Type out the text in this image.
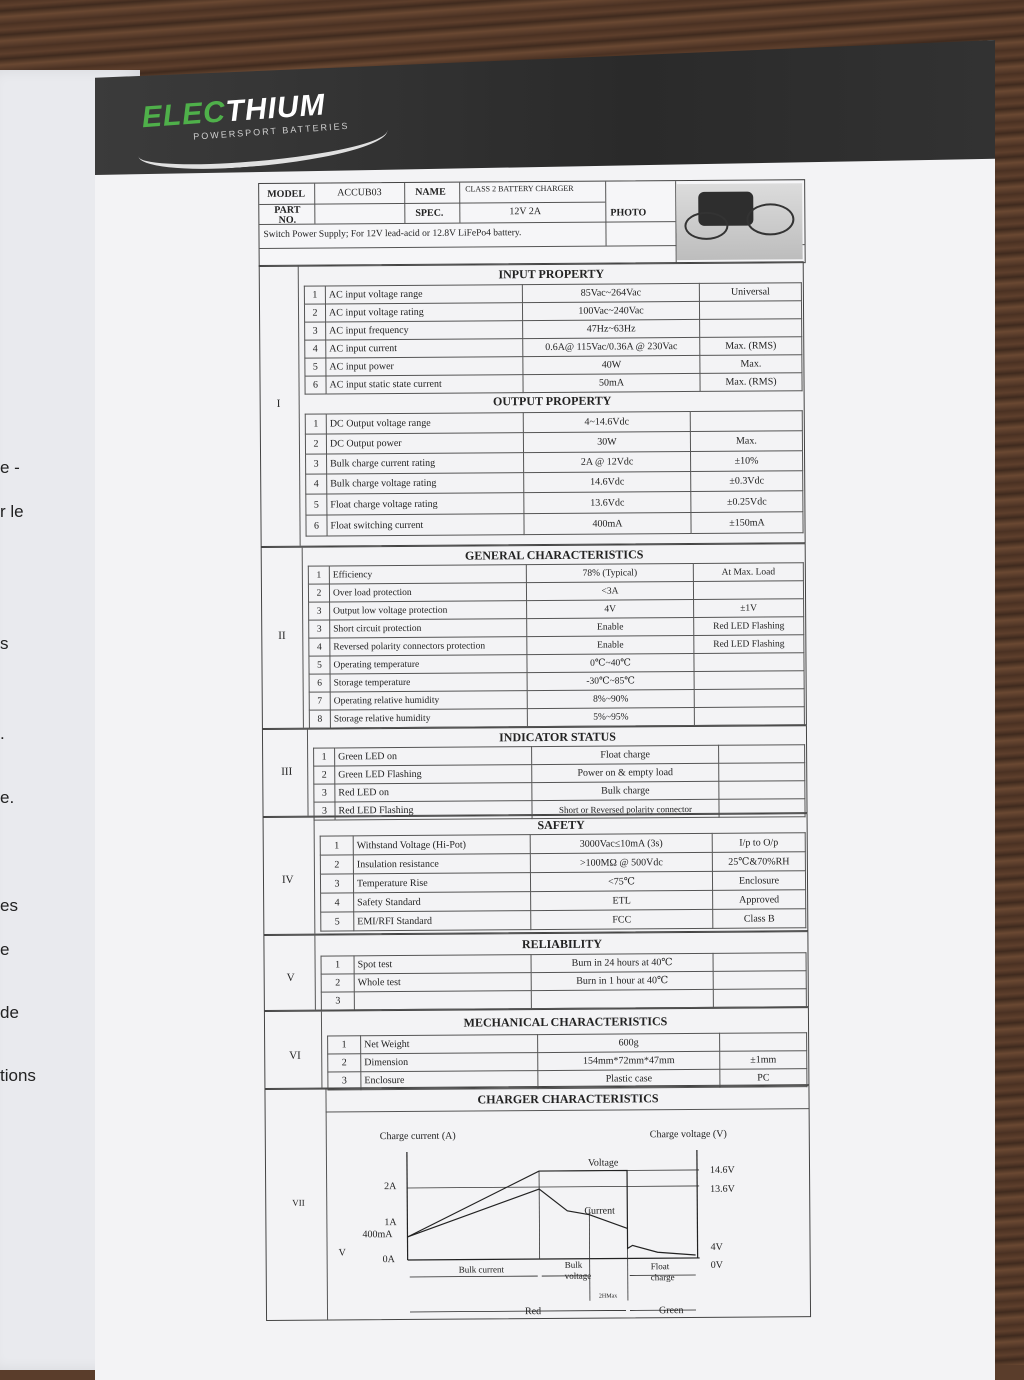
e -
r le
s
.
e.
es
e
de
tions
ELECTHIUM
POWERSPORT BATTERIES
MODEL	ACCUB03	NAME CLASS 2 BATTERY CHARGER
PART NO.
SPEC.	12V 2A	PHOTO
Switch Power Supply; For 12V lead-acid or 12.8V LiFePo4 battery.
I
INPUT PROPERTY
1	AC input voltage range	85Vac~264Vac	Universal
2	AC input voltage rating	100Vac~240Vac	
3	AC input frequency	47Hz~63Hz	
4	AC input current	0.6A@ 115Vac/0.36A @ 230Vac	Max. (RMS)
5	AC input power	40W	Max.
6	AC input static state current	50mA	Max. (RMS)
OUTPUT PROPERTY
1	DC Output voltage range	4~14.6Vdc	
2	DC Output power	30W	Max.
3	Bulk charge current rating	2A @ 12Vdc	±10%
4	Bulk charge voltage rating	14.6Vdc	±0.3Vdc
5	Float charge voltage rating	13.6Vdc	±0.25Vdc
6	Float switching current	400mA	±150mA
II
GENERAL CHARACTERISTICS
1	Efficiency	78% (Typical)	At Max. Load
2	Over load protection	<3A	
3	Output low voltage protection	4V	±1V
3	Short circuit protection	Enable	Red LED Flashing
4	Reversed polarity connectors protection	Enable	Red LED Flashing
5	Operating temperature	0℃~40℃	
6	Storage temperature	-30℃~85℃	
7	Operating relative humidity	8%~90%	
8	Storage relative humidity	5%~95%	
III
INDICATOR STATUS
1	Green LED on	Float charge	
2	Green LED Flashing	Power on & empty load	
3	Red LED on	Bulk charge	
3	Red LED Flashing	Short or Reversed polarity connector	
IV
SAFETY
1	Withstand Voltage (Hi-Pot)	3000Vac≤10mA (3s)	I/p to O/p
2	Insulation resistance	>100MΩ @ 500Vdc	25℃&70%RH
3	Temperature Rise	<75℃	Enclosure
4	Safety Standard	ETL	Approved
5	EMI/RFI Standard	FCC	Class B
V
RELIABILITY
1	Spot test	Burn in 24 hours at 40℃	
2	Whole test	Burn in 1 hour at 40℃	
3			
VI
MECHANICAL CHARACTERISTICS
1	Net Weight	600g	
2	Dimension	154mm*72mm*47mm	±1mm
3	Enclosure	Plastic case	PC
VII
CHARGER CHARACTERISTICS
Charge current (A)	Charge voltage (V)
2A
1A
400mA
0A
V
14.6V
13.6V
4V
0V
Voltage
Current
Bulk current	Bulk voltage
2HMax
Float charge
Red	Green
